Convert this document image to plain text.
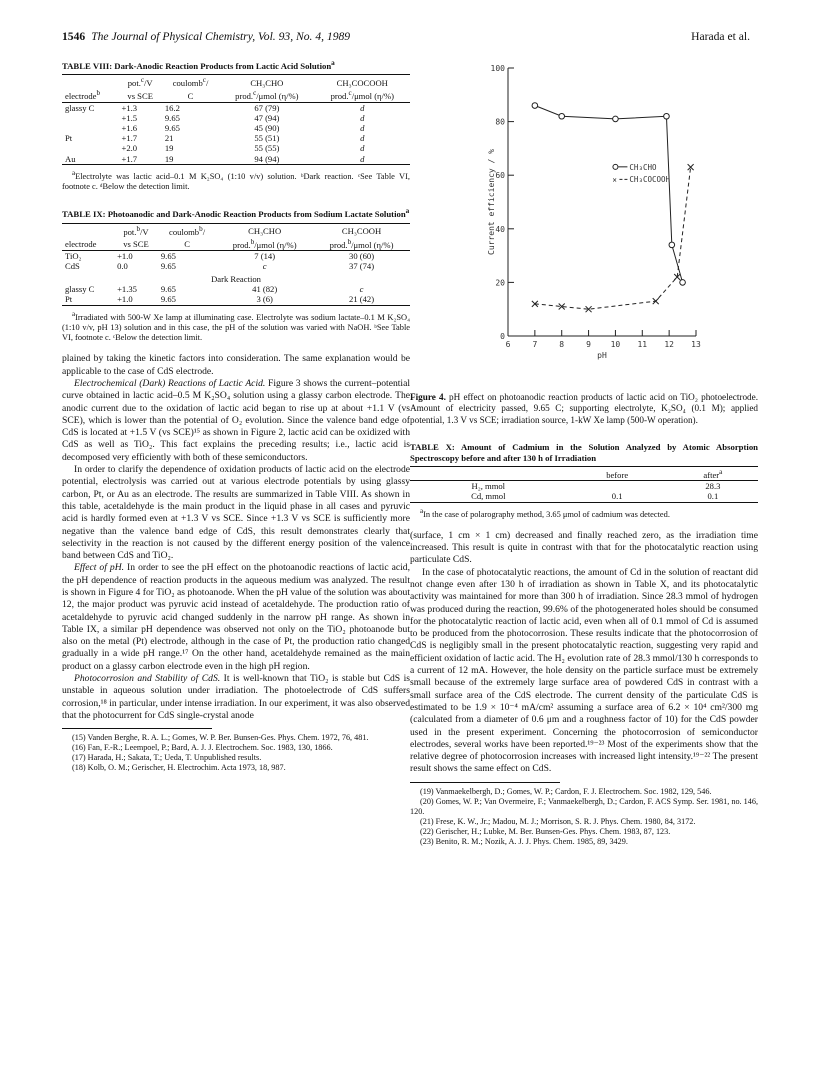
1546 The Journal of Physical Chemistry, Vol. 93, No. 4, 1989	Harada et al.
TABLE VIII: Dark-Anodic Reaction Products from Lactic Acid Solution$^a$
	pot.$^c$/V	coulomb$^c$/	CH₃CHO	CH₃COCOOH
electrode$^b$	vs SCE	C	prod.$^c$/μmol (η/%)	prod.$^c$/μmol (η/%)
glassy C	+1.3	16.2	67 (79)	d
	+1.5	9.65	47 (94)	d
	+1.6	9.65	45 (90)	d
Pt	+1.7	21	55 (51)	d
	+2.0	19	55 (55)	d
Au	+1.7	19	94 (94)	d
$^a$Electrolyte was lactic acid–0.1 M K₂SO₄ (1:10 v/v) solution. ᵇDark reaction. ᶜSee Table VI, footnote c. ᵈBelow the detection limit.
TABLE IX: Photoanodic and Dark-Anodic Reaction Products from Sodium Lactate Solution$^a$
	pot.$^b$/V	coulomb$^b$/	CH₃CHO	CH₃COOH
electrode	vs SCE	C	prod.$^b$/μmol (η/%)	prod.$^b$/μmol (η/%)
TiO₂	+1.0	9.65	7 (14)	30 (60)
CdS	0.0	9.65	c	37 (74)
Dark Reaction				
glassy C	+1.35	9.65	41 (82)	c
Pt	+1.0	9.65	3 (6)	21 (42)
$^a$Irradiated with 500-W Xe lamp at illuminating case. Electrolyte was sodium lactate–0.1 M K₂SO₄ (1:10 v/v, pH 13) solution and in this case, the pH of the solution was varied with NaOH. ᵇSee Table VI, footnote c. ᶜBelow the detection limit.

plained by taking the kinetic factors into consideration. The same explanation would be applicable to the case of CdS electrode.

Electrochemical (Dark) Reactions of Lactic Acid. Figure 3 shows the current–potential curve obtained in lactic acid–0.5 M K₂SO₄ solution using a glassy carbon electrode. The anodic current due to the oxidation of lactic acid began to rise up at about +1.1 V (vs SCE), which is lower than the potential of O₂ evolution. Since the valence band edge of CdS is located at +1.5 V (vs SCE)¹⁵ as shown in Figure 2, lactic acid can be oxidized with CdS as well as TiO₂. This fact explains the preceding results; i.e., lactic acid is decomposed very efficiently with both of these semiconductors.

In order to clarify the dependence of oxidation products of lactic acid on the electrode potential, electrolysis was carried out at various electrode potentials by using glassy carbon, Pt, or Au as an electrode. The results are summarized in Table VIII. As shown in this table, acetaldehyde is the main product in the liquid phase in all cases and pyruvic acid is hardly formed even at +1.3 V vs SCE. Since +1.3 V vs SCE is sufficiently more negative than the valence band edge of CdS, this result demonstrates clearly that selectivity in the reaction is not caused by the different energy position of the valence band between CdS and TiO₂.

Effect of pH. In order to see the pH effect on the photoanodic reactions of lactic acid, the pH dependence of reaction products in the aqueous medium was analyzed. The result is shown in Figure 4 for TiO₂ as photoanode. When the pH value of the solution was about 12, the major product was pyruvic acid instead of acetaldehyde. The production ratio of acetaldehyde to pyruvic acid changed suddenly in the narrow pH range. As shown in Table IX, a similar pH dependence was observed not only on the TiO₂ photoanode but also on the metal (Pt) electrode, although in the case of Pt, the production ratio changed gradually in a wide pH range.¹⁷ On the other hand, acetaldehyde remained as the main product on a glassy carbon electrode even in the high pH region.

Photocorrosion and Stability of CdS. It is well-known that TiO₂ is stable but CdS is unstable in aqueous solution under irradiation. The photoelectrode of CdS suffers corrosion,¹⁸ in particular, under intense irradiation. In our experiment, it was also observed that the photocurrent for CdS single-crystal anode

(15) Vanden Berghe, R. A. L.; Gomes, W. P. Ber. Bunsen-Ges. Phys. Chem. 1972, 76, 481.
(16) Fan, F.-R.; Leempoel, P.; Bard, A. J. J. Electrochem. Soc. 1983, 130, 1866.
(17) Harada, H.; Sakata, T.; Ueda, T. Unpublished results.
(18) Kolb, O. M.; Gerischer, H. Electrochim. Acta 1973, 18, 987.
0
20
40
60
80
100
6	7	8	9 10 11 12 13
pH
Current efficiency / %	CH₃CHO
× CH₃COCOOH
Figure 4. pH effect on photoanodic reaction products of lactic acid on TiO₂ photoelectrode. Amount of electricity passed, 9.65 C; supporting electrolyte, K₂SO₄ (0.1 M); applied potential, 1.3 V vs SCE; irradiation source, 1-kW Xe lamp (500-W operation).
TABLE X: Amount of Cadmium in the Solution Analyzed by Atomic Absorption Spectroscopy before and after 130 h of Irradiation
	before	after$^a$
H₂, mmol		28.3
Cd, mmol	0.1	0.1
$^a$In the case of polarography method, 3.65 μmol of cadmium was detected.

(surface, 1 cm × 1 cm) decreased and finally reached zero, as the irradiation time increased. This result is quite in contrast with that for the photocatalytic reaction using particulate CdS.

In the case of photocatalytic reactions, the amount of Cd in the solution of reactant did not change even after 130 h of irradiation as shown in Table X, and its photocatalytic activity was maintained for more than 300 h of irradiation. Since 28.3 mmol of hydrogen was produced during the reaction, 99.6% of the photogenerated holes should be consumed for the photocatalytic reaction of lactic acid, even when all of 0.1 mmol of Cd is assumed to be produced from the photocorrosion. These results indicate that the photocorrosion of CdS is negligibly small in the present photocatalytic reaction, suggesting very rapid and efficient oxidation of lactic acid. The H₂ evolution rate of 28.3 mmol/130 h corresponds to a current of 12 mA. However, the hole density on the particle surface must be extremely small because of the extremely large surface area of powdered CdS in contrast with a small surface area of the CdS electrode. The current density of the particulate CdS is estimated to be 1.9 × 10⁻⁴ mA/cm² assuming a surface area of 6.2 × 10⁴ cm²/300 mg (calculated from a diameter of 0.6 μm and a roughness factor of 10) for the CdS powder used in the present experiment. Concerning the photocorrosion of semiconductor electrodes, several works have been reported.¹⁹⁻²³ Most of the experiments show that the relative degree of photocorrosion increases with increased light intensity.¹⁹⁻²² The present result shows the same effect on CdS.

(19) Vanmaekelbergh, D.; Gomes, W. P.; Cardon, F. J. Electrochem. Soc. 1982, 129, 546.
(20) Gomes, W. P.; Van Overmeire, F.; Vanmaekelbergh, D.; Cardon, F. ACS Symp. Ser. 1981, no. 146, 120.
(21) Frese, K. W., Jr.; Madou, M. J.; Morrison, S. R. J. Phys. Chem. 1980, 84, 3172.
(22) Gerischer, H.; Lubke, M. Ber. Bunsen-Ges. Phys. Chem. 1983, 87, 123.
(23) Benito, R. M.; Nozik, A. J. J. Phys. Chem. 1985, 89, 3429.
